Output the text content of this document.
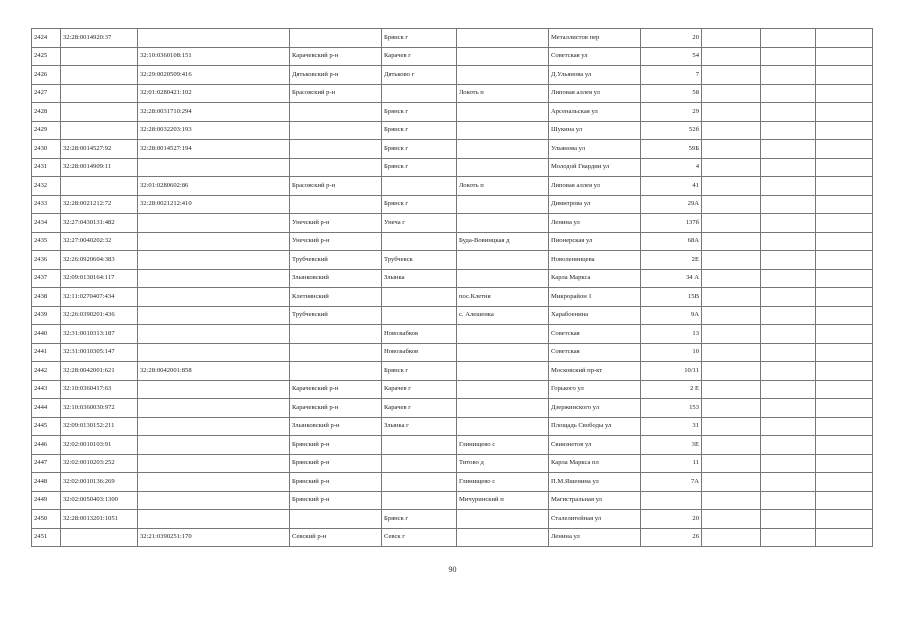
2424	32:28:0014920:37			Брянск г		Металлистов пер	20			
2425		32:10:0360108:151	Карачевский р-н	Карачев г		Советская ул	54			
2426		32:29:0020509:416	Дятьковский р-н	Дятьково г		Д.Ульянова ул	7			
2427		32:01:0280421:102	Брасовский р-н		Локоть п	Липовая аллея ул	58			
2428		32:28:0031710:294		Брянск г		Арсенальская ул	29			
2429		32:28:0032203:193		Брянск г		Шукина ул	52б			
2430	32:28:0014527:92	32:28:0014527:194		Брянск г		Ульянова ул	59Б			
2431	32:28:0014909:11			Брянск г		Молодой Гвардии ул	4			
2432		32:01:0280602:86	Брасовский р-н		Локоть п	Липовая аллея ул	41			
2433	32:28:0021212:72	32:28:0021212:410		Брянск г		Димитрова ул	29А			
2434	32:27:0430131:482		Унечский р-н	Унеча г		Ленина ул	137б			
2435	32:27:0040202:32		Унечский р-н		Буда-Вовинцкая д	Пионерская ул	68А			
2436	32:26:0920604:383		Трубчевский	Трубчевск		Новоленинцева	2Е			
2437	32:09:0130164:117		Злынковский	Злынка		Карла Маркса	34 А			
2438	32:11:0270407:434		Клетнянский		пос.Клетня	Микрорайон 1	15В			
2439	32:26:0390201:436		Трубчевский		с. Алешенка	Харабоенина	9А			
2440	32:31:0010313:187			Новозыбков		Советская	13			
2441	32:31:0010305:147			Новозыбков		Советская	10			
2442	32:28:0042001:621	32:28:0042001:858		Брянск г		Московский пр-кт	10/11			
2443	32:10:0360417:63		Карачевский р-н	Карачев г		Горького ул	2 Е			
2444	32:10:0360030:972		Карачевский р-н	Карачев г		Дзержинского ул	153			
2445	32:09:0130152:211		Злынковский р-н	Злынка г		Площадь Свободы ул	31			
2446	32:02:0010103:91		Брянский р-н		Глинищево с	Свиязнетов ул	3Е			
2447	32:02:0010203:252		Брянский р-н		Титово д	Карла Маркса пл	11			
2448	32:02:0010136:269		Брянский р-н		Глинищево с	П.М.Яшенина ул	7А			
2449	32:02:0050403:1300		Брянский р-н		Мичуринский п	Магистральная ул				
2450	32:28:0013201:1051			Брянск г		Сталелитейная ул	20			
2451		32:21:0390251:170	Севский р-н	Севск г		Ленина ул	26			
90
